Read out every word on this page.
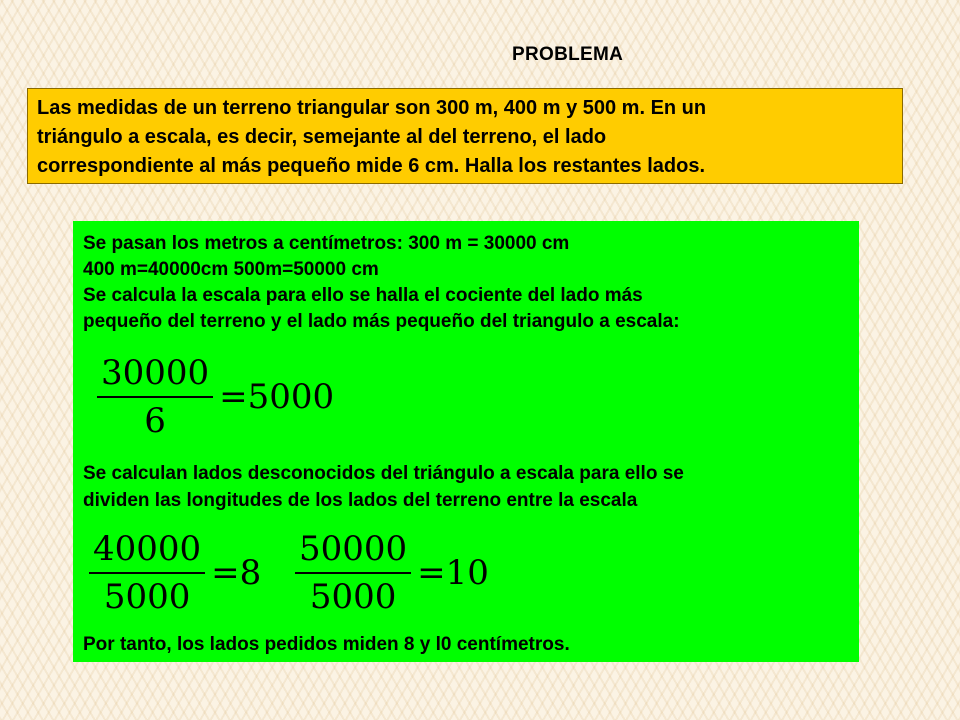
PROBLEMA
Las medidas de un terreno triangular son 300 m, 400 m y 500 m. En un
triángulo a escala, es decir, semejante al del terreno, el lado
correspondiente al más pequeño mide 6 cm. Halla los restantes lados.
Se pasan los metros a centímetros: 300 m = 30000 cm
400 m=40000cm 500m=50000 cm
Se calcula la escala para ello se halla el cociente del lado más
pequeño del terreno y el lado más pequeño del triangulo a escala:
$\frac{30000}{6} =5000$
Se calculan lados desconocidos del triángulo a escala para ello se
dividen las longitudes de los lados del terreno entre la escala
$\frac{40000}{5000} =8 \frac{50000}{5000} =10$
Por tanto, los lados pedidos miden 8 y l0 centímetros.
